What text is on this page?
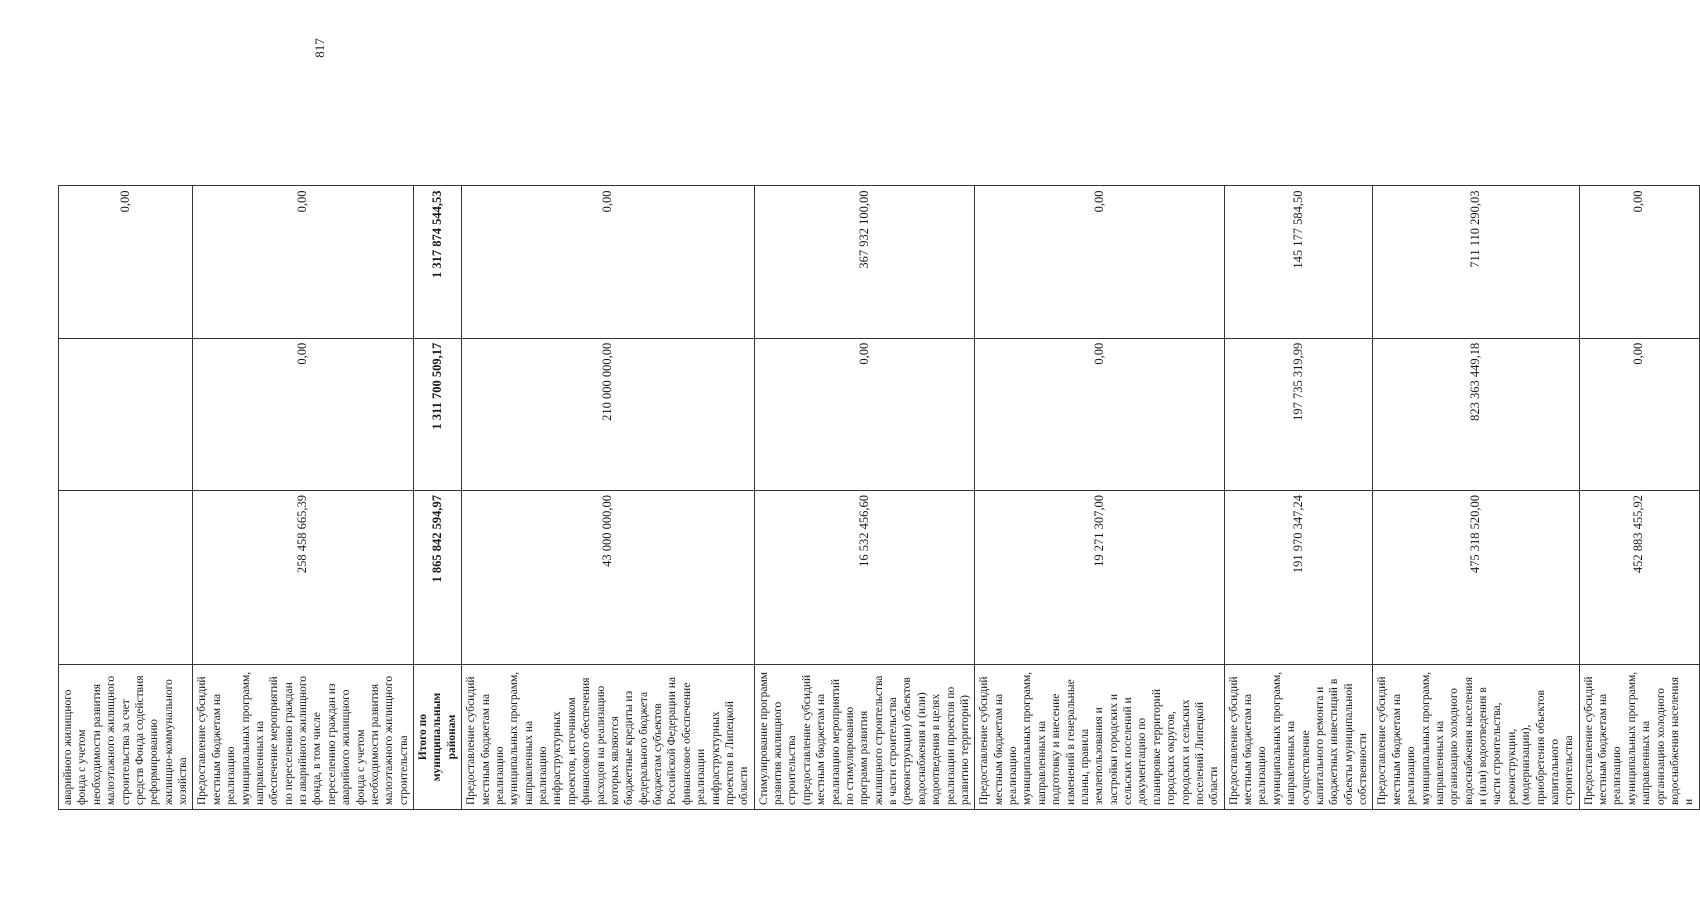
817
	аварийного жилищного фонда с учетом необходимости развития малоэтажного жилищного строительства за счет средств Фонда содействия реформированию жилищно-коммунального хозяйства			0,00	
	Предоставление субсидий местным бюджетам на реализацию муниципальных программ, направленных на обеспечение мероприятий по переселению граждан из аварийного жилищного фонда, в том числе переселению граждан из аварийного жилищного фонда с учетом необходимости развития малоэтажного жилищного строительства	258 458 665,39	0,00	0,00	
	Итого по муниципальным районам	1 865 842 594,97	1 311 700 509,17	1 317 874 544,53	
	Предоставление субсидий местным бюджетам на реализацию муниципальных программ, направленных на реализацию инфраструктурных проектов, источником финансового обеспечения расходов на реализацию которых являются бюджетные кредиты из федерального бюджета бюджетам субъектов Российской Федерации на финансовое обеспечение реализации инфраструктурных проектов в Липецкой области	43 000 000,00	210 000 000,00	0,00	
	Стимулирование программ развития жилищного строительства (предоставление субсидий местным бюджетам на реализацию мероприятий по стимулированию программ развития жилищного строительства в части строительства (реконструкции) объектов водоснабжения и (или) водоотведения в целях реализации проектов по развитию территорий)	16 532 456,60	0,00	367 932 100,00	
	Предоставление субсидий местным бюджетам на реализацию муниципальных программ, направленных на подготовку и внесение изменений в генеральные планы, правила землепользования и застройки городских и сельских поселений и документацию по планировке территорий городских округов, городских и сельских поселений Липецкой области	19 271 307,00	0,00	0,00	
	Предоставление субсидий местным бюджетам на реализацию муниципальных программ, направленных на осуществление капитального ремонта и бюджетных инвестиций в объекты муниципальной собственности	191 970 347,24	197 735 319,99	145 177 584,50	
	Предоставление субсидий местным бюджетам на реализацию муниципальных программ, направленных на организацию холодного водоснабжения населения и (или) водоотведения в части строительства, реконструкции, (модернизации), приобретения объектов капитального строительства	475 318 520,00	823 363 449,18	711 110 290,03	
	Предоставление субсидий местным бюджетам на реализацию муниципальных программ, направленных на организацию холодного водоснабжения населения и	452 883 455,92	0,00	0,00	
